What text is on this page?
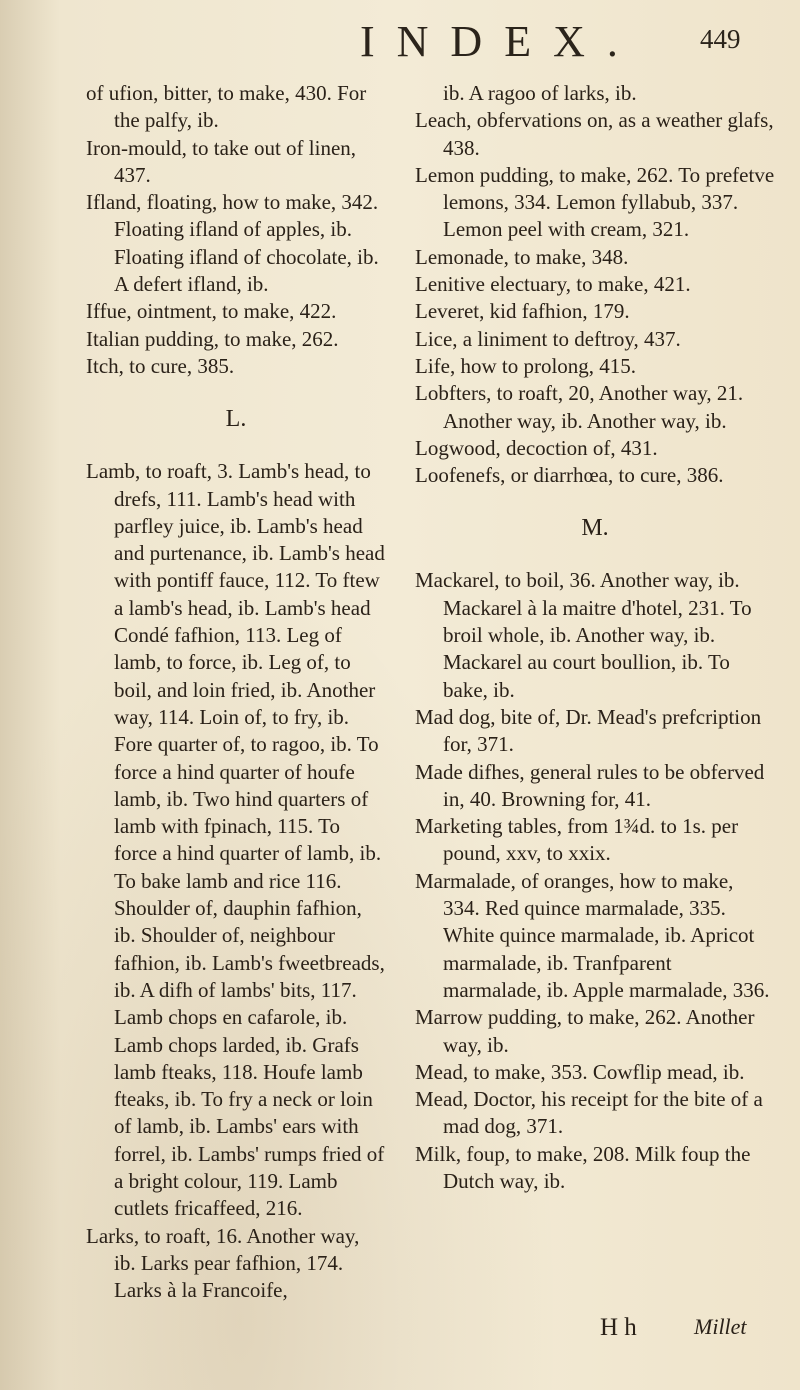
INDEX. 449

of ufion, bitter, to make, 430. For the palfy, ib.

Iron-mould, to take out of linen, 437.

Ifland, floating, how to make, 342. Floating ifland of apples, ib. Floating ifland of chocolate, ib. A defert ifland, ib.

Iffue, ointment, to make, 422.

Italian pudding, to make, 262.

Itch, to cure, 385.

L.

Lamb, to roaft, 3. Lamb's head, to drefs, 111. Lamb's head with parfley juice, ib. Lamb's head and purtenance, ib. Lamb's head with pontiff fauce, 112. To ftew a lamb's head, ib. Lamb's head Condé fafhion, 113. Leg of lamb, to force, ib. Leg of, to boil, and loin fried, ib. Another way, 114. Loin of, to fry, ib. Fore quarter of, to ragoo, ib. To force a hind quarter of houfe lamb, ib. Two hind quarters of lamb with fpinach, 115. To force a hind quarter of lamb, ib. To bake lamb and rice 116. Shoulder of, dauphin fafhion, ib. Shoulder of, neighbour fafhion, ib. Lamb's fweetbreads, ib. A difh of lambs' bits, 117. Lamb chops en cafarole, ib. Lamb chops larded, ib. Grafs lamb fteaks, 118. Houfe lamb fteaks, ib. To fry a neck or loin of lamb, ib. Lambs' ears with forrel, ib. Lambs' rumps fried of a bright colour, 119. Lamb cutlets fricaffeed, 216.

Larks, to roaft, 16. Another way, ib. Larks pear fafhion, 174. Larks à la Francoife,

ib. A ragoo of larks, ib.

Leach, obfervations on, as a weather glafs, 438.

Lemon pudding, to make, 262. To prefetve lemons, 334. Lemon fyllabub, 337. Lemon peel with cream, 321.

Lemonade, to make, 348.

Lenitive electuary, to make, 421.

Leveret, kid fafhion, 179.

Lice, a liniment to deftroy, 437.

Life, how to prolong, 415.

Lobfters, to roaft, 20, Another way, 21. Another way, ib. Another way, ib.

Logwood, decoction of, 431.

Loofenefs, or diarrhœa, to cure, 386.

M.

Mackarel, to boil, 36. Another way, ib. Mackarel à la maitre d'hotel, 231. To broil whole, ib. Another way, ib. Mackarel au court boullion, ib. To bake, ib.

Mad dog, bite of, Dr. Mead's prefcription for, 371.

Made difhes, general rules to be obferved in, 40. Browning for, 41.

Marketing tables, from 1¾d. to 1s. per pound, xxv, to xxix.

Marmalade, of oranges, how to make, 334. Red quince marmalade, 335. White quince marmalade, ib. Apricot marmalade, ib. Tranfparent marmalade, ib. Apple marmalade, 336.

Marrow pudding, to make, 262. Another way, ib.

Mead, to make, 353. Cowflip mead, ib.

Mead, Doctor, his receipt for the bite of a mad dog, 371.

Milk, foup, to make, 208. Milk foup the Dutch way, ib.

H h	Millet
